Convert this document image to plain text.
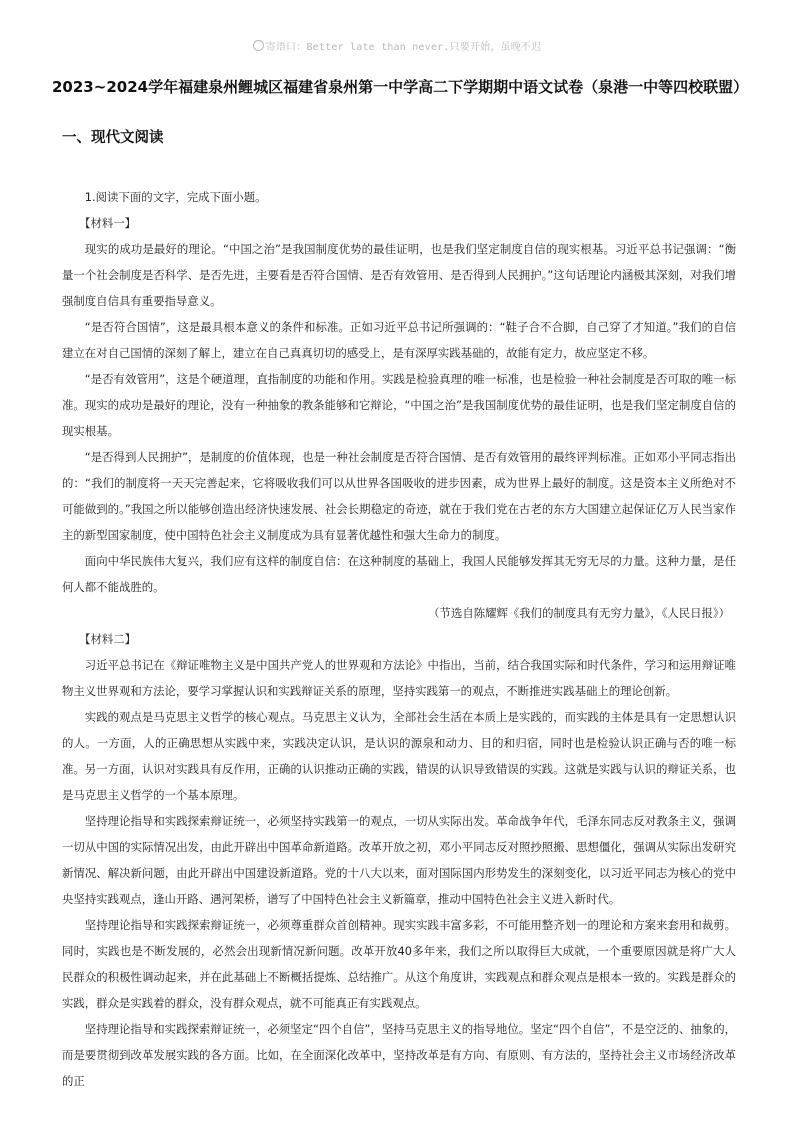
寄语口：Better late than never.只要开始，虽晚不迟
2023~2024学年福建泉州鲤城区福建省泉州第一中学高二下学期期中语文试卷（泉港一中等四校联盟）
一、现代文阅读

1.阅读下面的文字，完成下面小题。

【材料一】

现实的成功是最好的理论。“中国之治”是我国制度优势的最佳证明，也是我们坚定制度自信的现实根基。习近平总书记强调：“衡量一个社会制度是否科学、是否先进，主要看是否符合国情、是否有效管用、是否得到人民拥护。”这句话理论内涵极其深刻，对我们增强制度自信具有重要指导意义。

“是否符合国情”，这是最具根本意义的条件和标准。正如习近平总书记所强调的：“鞋子合不合脚，自己穿了才知道。”我们的自信建立在对自己国情的深刻了解上，建立在自己真真切切的感受上，是有深厚实践基础的，故能有定力，故应坚定不移。

“是否有效管用”，这是个硬道理，直指制度的功能和作用。实践是检验真理的唯一标准，也是检验一种社会制度是否可取的唯一标准。现实的成功是最好的理论，没有一种抽象的教条能够和它辩论，“中国之治”是我国制度优势的最佳证明，也是我们坚定制度自信的现实根基。

“是否得到人民拥护”，是制度的价值体现，也是一种社会制度是否符合国情、是否有效管用的最终评判标准。正如邓小平同志指出的：“我们的制度将一天天完善起来，它将吸收我们可以从世界各国吸收的进步因素，成为世界上最好的制度。这是资本主义所绝对不可能做到的。”我国之所以能够创造出经济快速发展、社会长期稳定的奇迹，就在于我们党在古老的东方大国建立起保证亿万人民当家作主的新型国家制度，使中国特色社会主义制度成为具有显著优越性和强大生命力的制度。

面向中华民族伟大复兴，我们应有这样的制度自信：在这种制度的基础上，我国人民能够发挥其无穷无尽的力量。这种力量，是任何人都不能战胜的。

（节选自陈耀辉《我们的制度具有无穷力量》，《人民日报》）

【材料二】

习近平总书记在《辩证唯物主义是中国共产党人的世界观和方法论》中指出，当前，结合我国实际和时代条件，学习和运用辩证唯物主义世界观和方法论，要学习掌握认识和实践辩证关系的原理，坚持实践第一的观点，不断推进实践基础上的理论创新。

实践的观点是马克思主义哲学的核心观点。马克思主义认为，全部社会生活在本质上是实践的，而实践的主体是具有一定思想认识的人。一方面，人的正确思想从实践中来，实践决定认识，是认识的源泉和动力、目的和归宿，同时也是检验认识正确与否的唯一标准。另一方面，认识对实践具有反作用，正确的认识推动正确的实践，错误的认识导致错误的实践。这就是实践与认识的辩证关系，也是马克思主义哲学的一个基本原理。

坚持理论指导和实践探索辩证统一，必须坚持实践第一的观点，一切从实际出发。革命战争年代，毛泽东同志反对教条主义，强调一切从中国的实际情况出发，由此开辟出中国革命新道路。改革开放之初，邓小平同志反对照抄照搬、思想僵化，强调从实际出发研究新情况、解决新问题，由此开辟出中国建设新道路。党的十八大以来，面对国际国内形势发生的深刻变化，以习近平同志为核心的党中央坚持实践观点，逢山开路、遇河架桥，谱写了中国特色社会主义新篇章，推动中国特色社会主义进入新时代。

坚持理论指导和实践探索辩证统一，必须尊重群众首创精神。现实实践丰富多彩，不可能用整齐划一的理论和方案来套用和裁剪。同时，实践也是不断发展的，必然会出现新情况新问题。改革开放40多年来，我们之所以取得巨大成就，一个重要原因就是将广大人民群众的积极性调动起来，并在此基础上不断概括提炼、总结推广。从这个角度讲，实践观点和群众观点是根本一致的。实践是群众的实践，群众是实践着的群众，没有群众观点，就不可能真正有实践观点。

坚持理论指导和实践探索辩证统一，必须坚定“四个自信”，坚持马克思主义的指导地位。坚定“四个自信”，不是空泛的、抽象的，而是要贯彻到改革发展实践的各方面。比如，在全面深化改革中，坚持改革是有方向、有原则、有方法的，坚持社会主义市场经济改革的正
